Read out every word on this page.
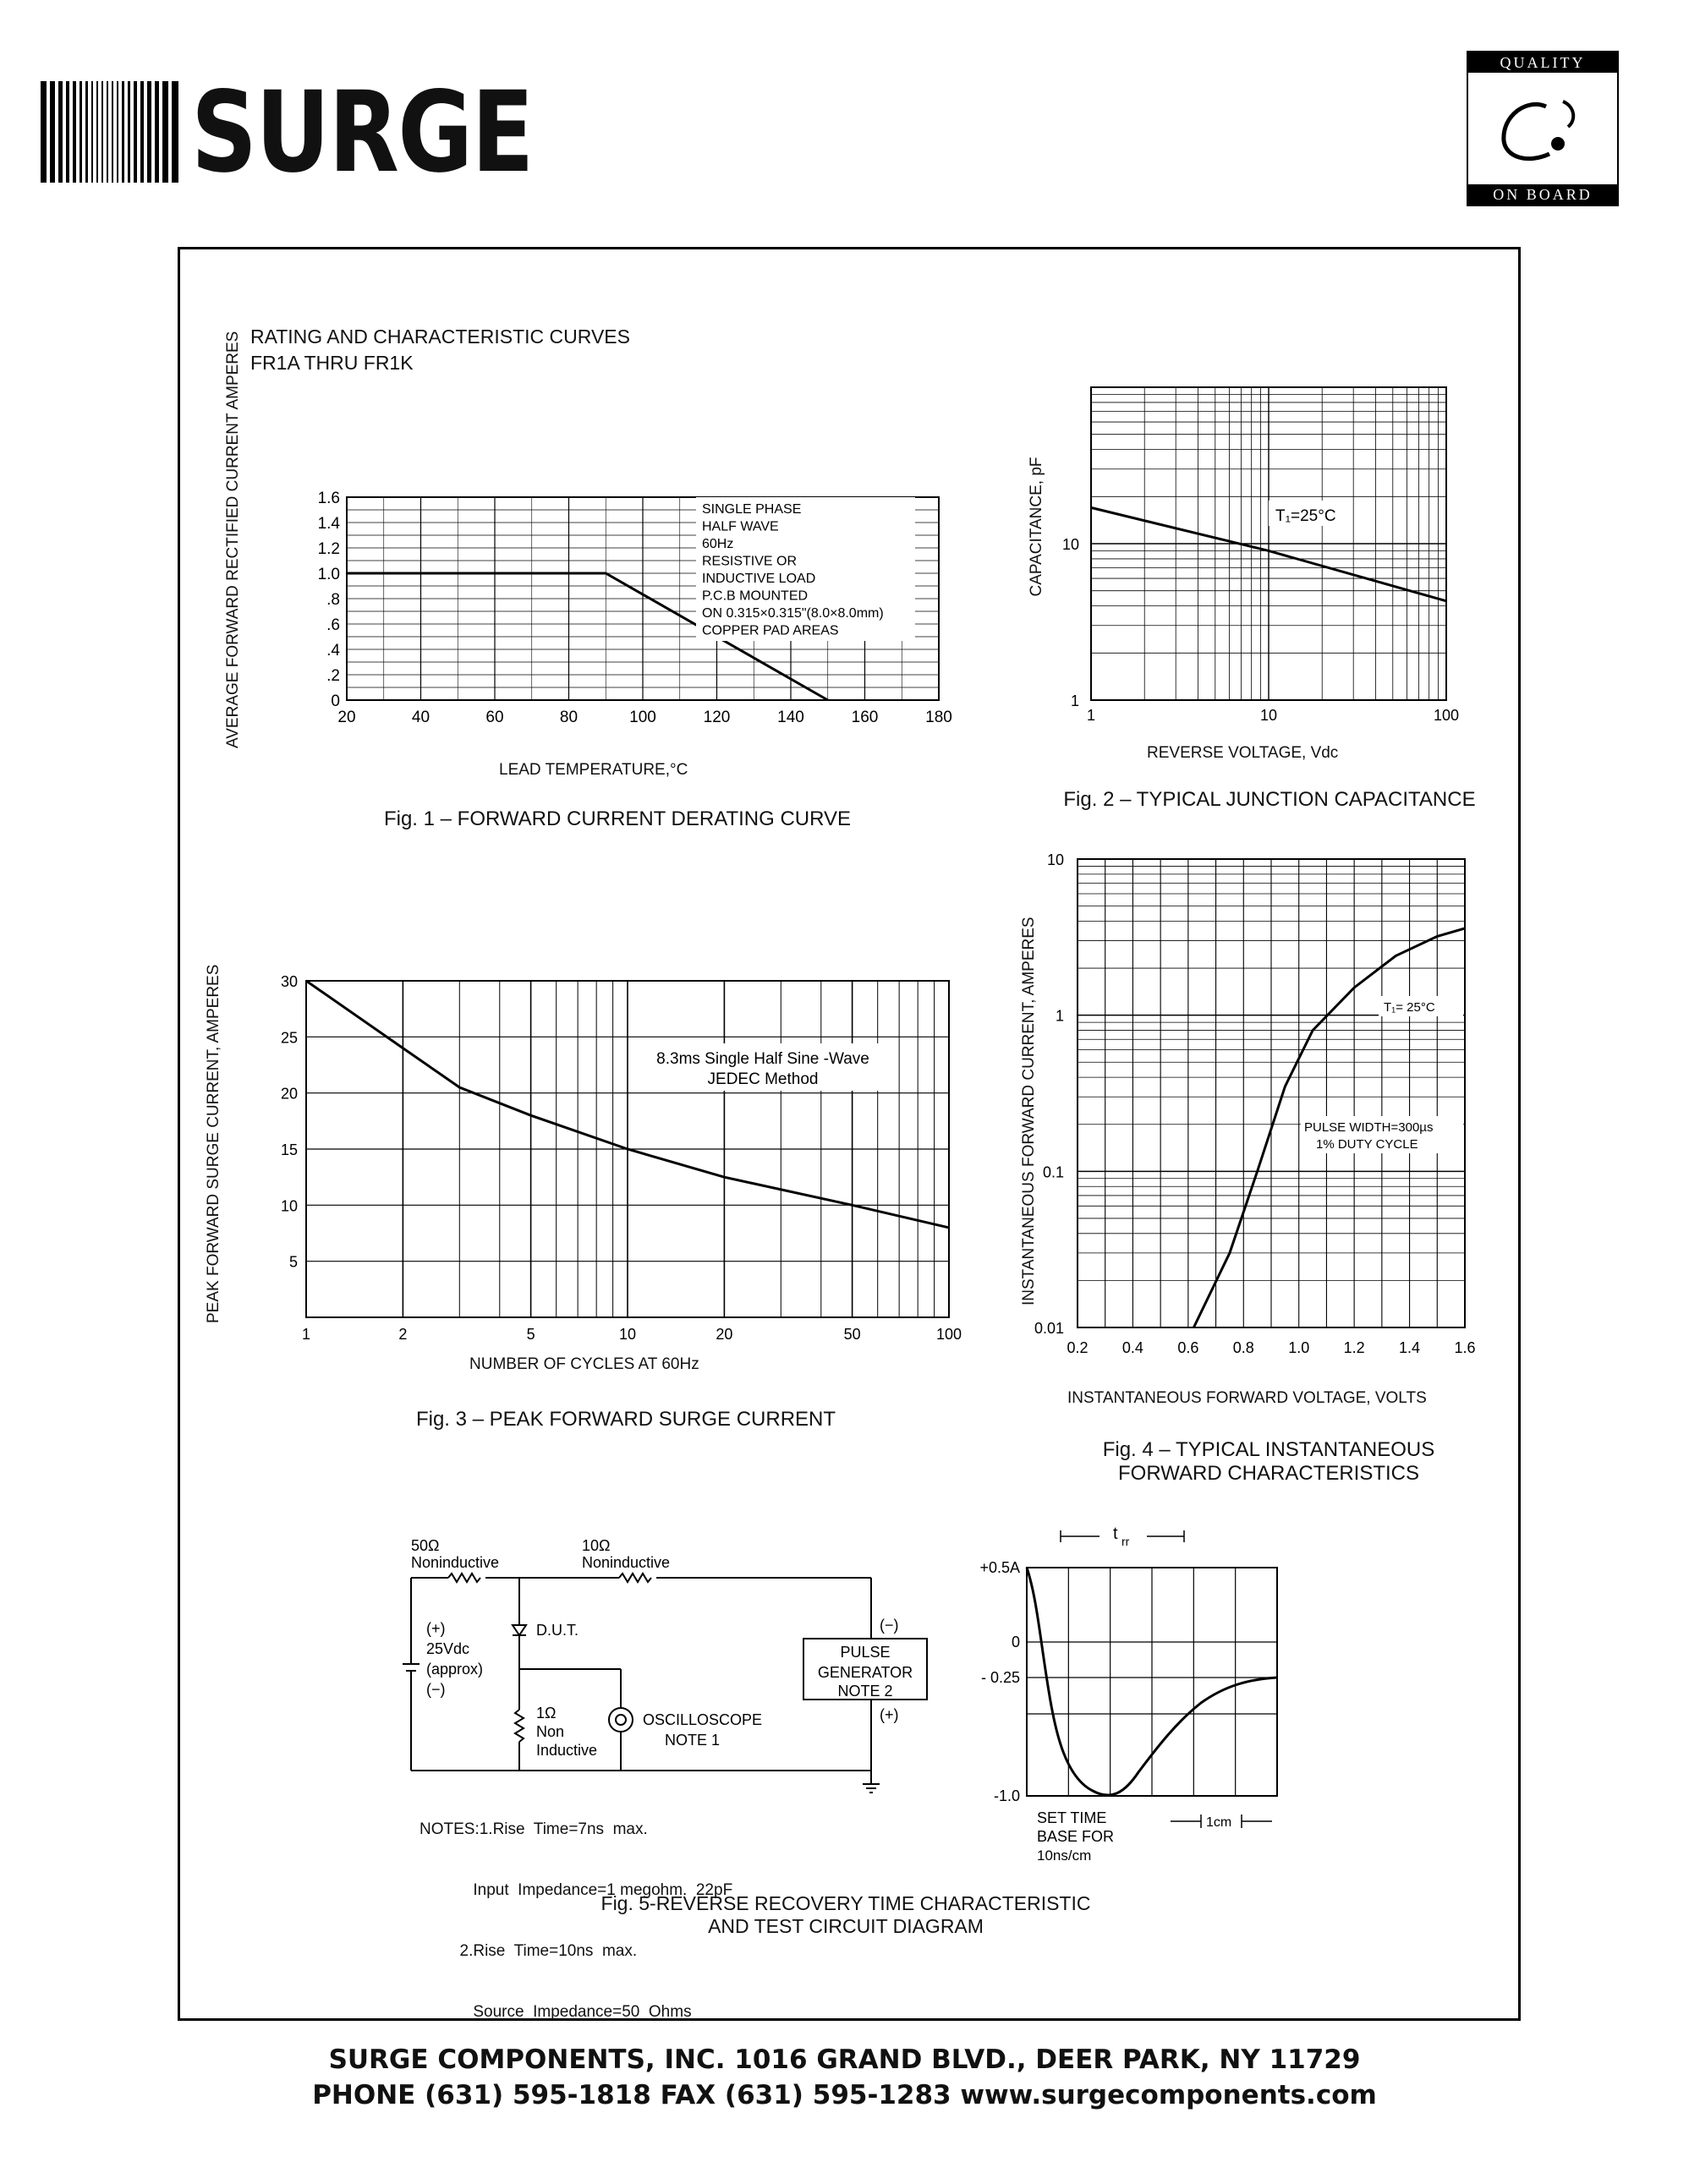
SURGE
QUALITY
ON BOARD
RATING AND CHARACTERISTIC CURVES
FR1A THRU FR1K
AVERAGE FORWARD RECTIFIED CURRENT AMPERES	20	40	60	80	100	120	140	160	180
0
.2
.4
.6
.8
1.0
1.2
1.4
1.6
SINGLE PHASE
HALF WAVE
60Hz
RESISTIVE OR
INDUCTIVE LOAD
P.C.B MOUNTED
ON 0.315×0.315"(8.0×8.0mm)
COPPER PAD AREAS
LEAD TEMPERATURE,°C
Fig. 1 – FORWARD CURRENT DERATING CURVE
CAPACITANCE, pF
1	10	100
1
10
T₁=25°C
REVERSE VOLTAGE, Vdc
Fig. 2 – TYPICAL JUNCTION CAPACITANCE
PEAK FORWARD SURGE CURRENT, AMPERES
1	2	5	10	20	50	100
5
10
15
20
25
30
8.3ms Single Half Sine -Wave
JEDEC Method
NUMBER OF CYCLES AT 60Hz
Fig. 3 – PEAK FORWARD SURGE CURRENT
INSTANTANEOUS FORWARD CURRENT, AMPERES
0.2 0.4 0.6 0.8 1.0 1.2 1.4 1.6
0.01
0.1
1
10
T₁= 25°C
PULSE WIDTH=300µs
1% DUTY CYCLE
INSTANTANEOUS FORWARD VOLTAGE, VOLTS
Fig. 4 – TYPICAL INSTANTANEOUS
FORWARD CHARACTERISTICS
50Ω
Noninductive
10Ω
Noninductive
D.U.T.
(+)
25Vdc
(approx)
(−)
1Ω
Non
Inductive
OSCILLOSCOPE
NOTE 1
(−)
(+)
PULSE
GENERATOR
NOTE 2

NOTES:1.Rise  Time=7ns  max.

Input  Impedance=1 megohm.  22pF

2.Rise  Time=10ns  max.

Source  Impedance=50  Ohms

+0.5A
0
- 0.25
-1.0
t rr
SET TIME
BASE FOR
10ns/cm
1cm
Fig. 5-REVERSE RECOVERY TIME CHARACTERISTIC
AND TEST CIRCUIT DIAGRAM
SURGE COMPONENTS, INC. 1016 GRAND BLVD., DEER PARK, NY 11729
PHONE (631) 595-1818 FAX (631) 595-1283 www.surgecomponents.com
